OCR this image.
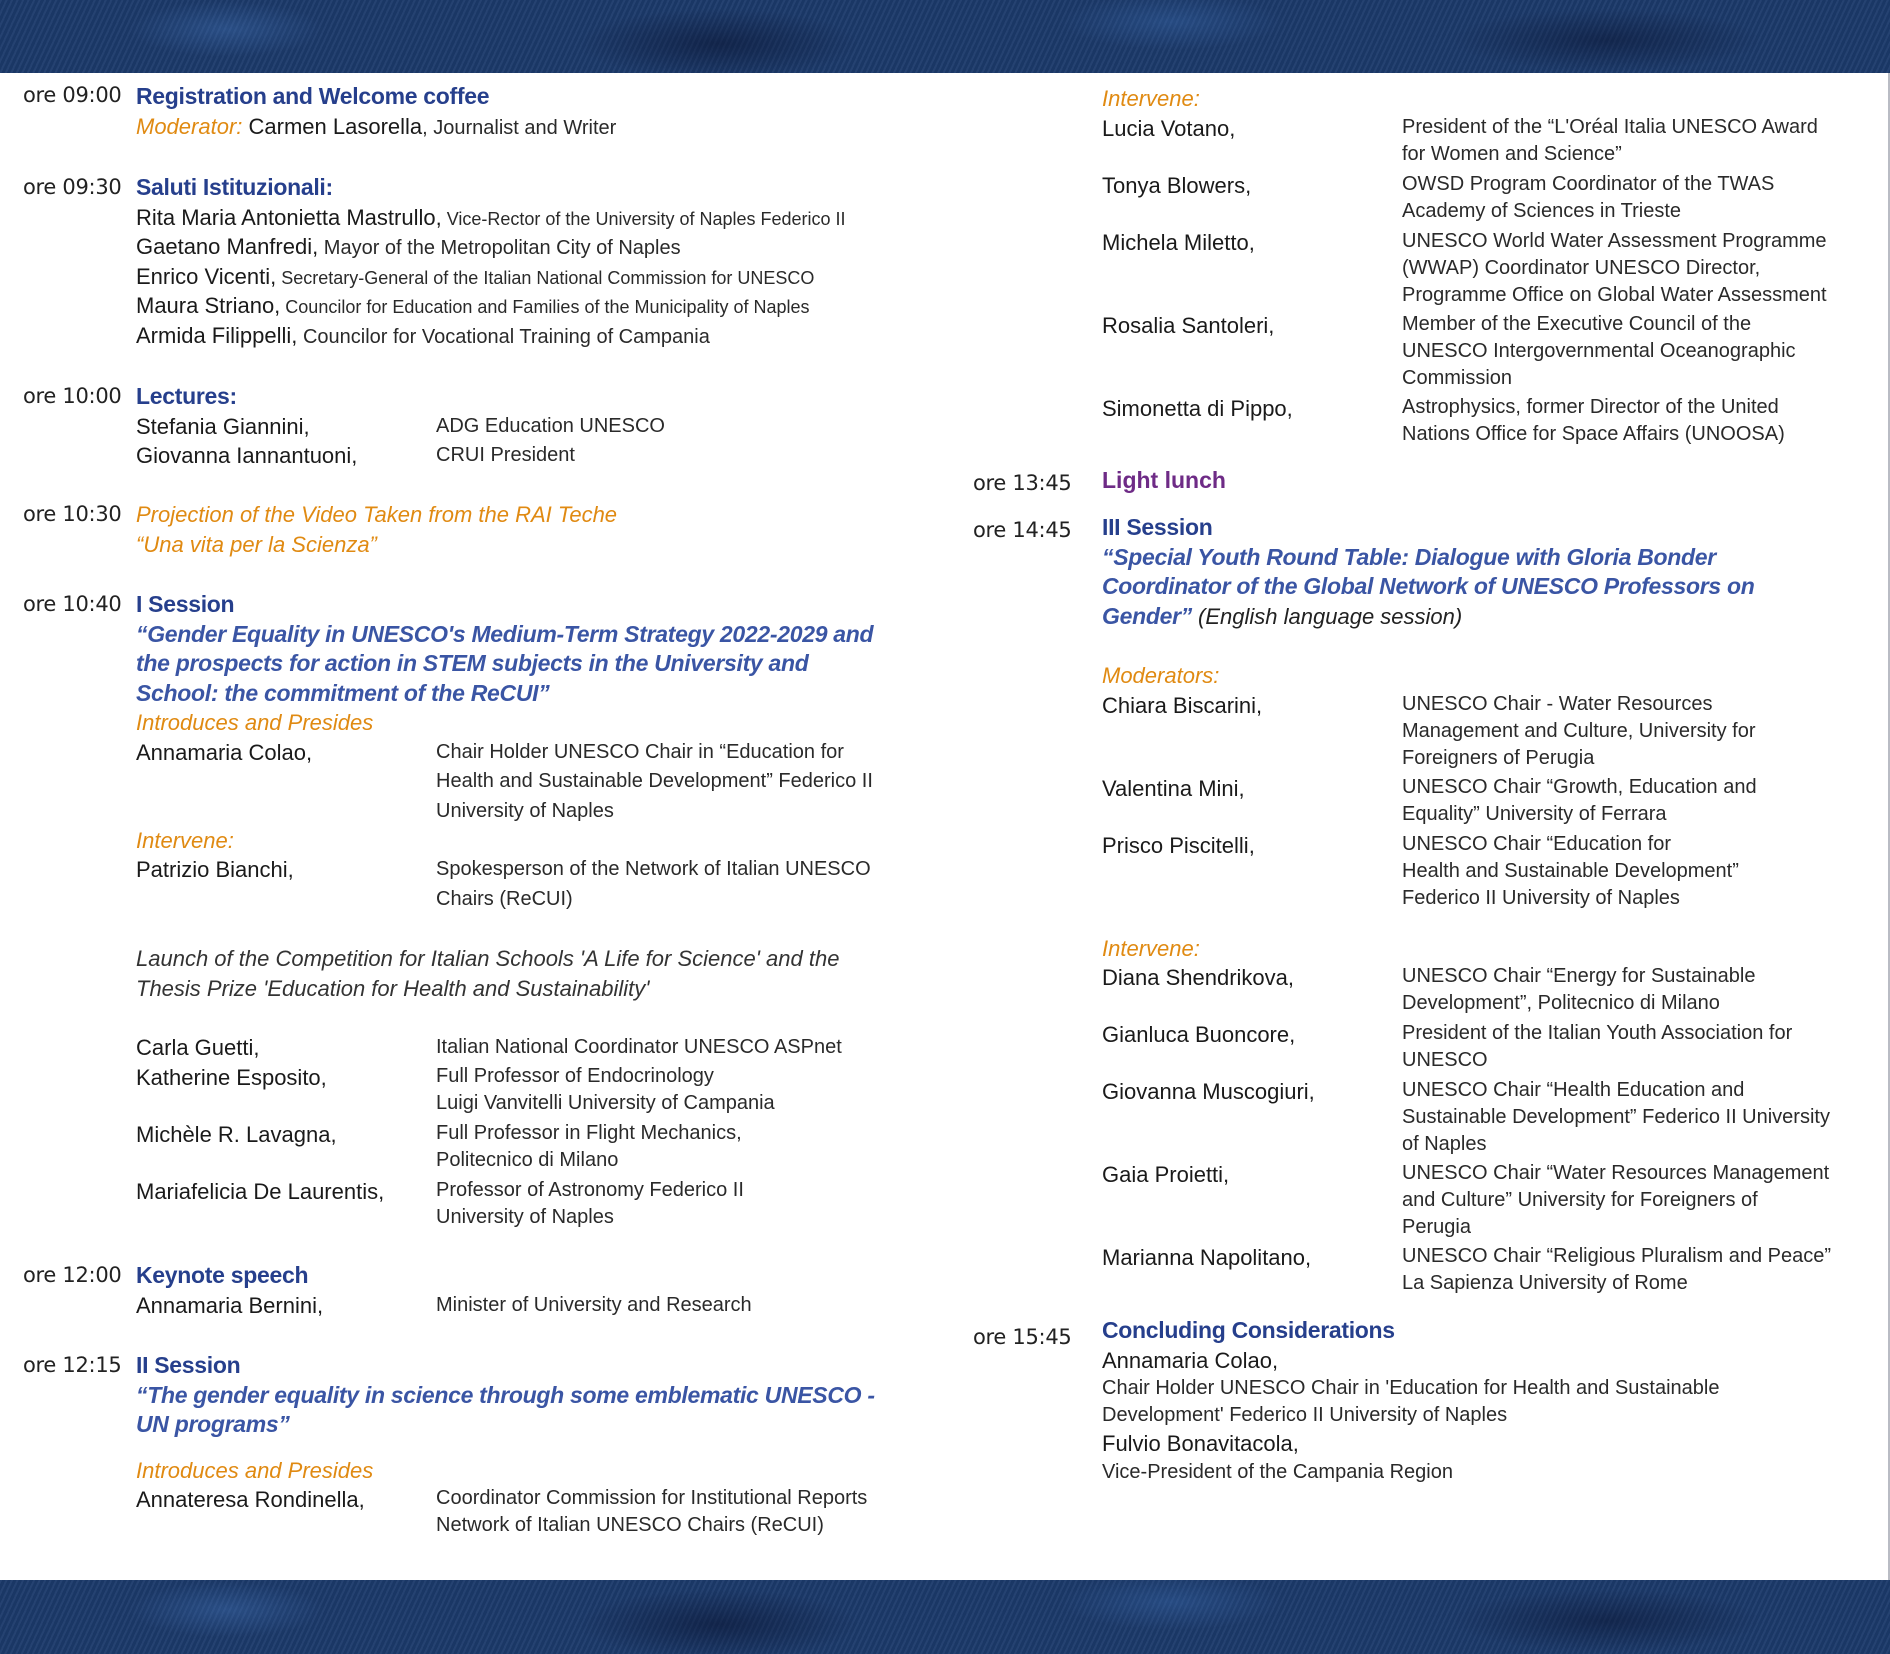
ore 09:00 Registration and Welcome coffee
Moderator: Carmen Lasorella, Journalist and Writer
ore 09:30 Saluti Istituzionali:
Rita Maria Antonietta Mastrullo, Vice-Rector of the University of Naples Federico II
Gaetano Manfredi, Mayor of the Metropolitan City of Naples
Enrico Vicenti, Secretary-General of the Italian National Commission for UNESCO
Maura Striano, Councilor for Education and Families of the Municipality of Naples
Armida Filippelli, Councilor for Vocational Training of Campania
ore 10:00 Lectures:
Stefania Giannini,	ADG Education UNESCO
Giovanna Iannantuoni,	CRUI President
ore 10:30 Projection of the Video Taken from the RAI Teche
“Una vita per la Scienza”
ore 10:40 I Session
“Gender Equality in UNESCO's Medium-Term Strategy 2022-2029 and
the prospects for action in STEM subjects in the University and
School: the commitment of the ReCUI”
Introduces and Presides
Annamaria Colao,	Chair Holder UNESCO Chair in “Education for
Health and Sustainable Development” Federico II
University of Naples
Intervene:
Patrizio Bianchi,	Spokesperson of the Network of Italian UNESCO
Chairs (ReCUI)
Launch of the Competition for Italian Schools 'A Life for Science' and the
Thesis Prize 'Education for Health and Sustainability'
Carla Guetti,	Italian National Coordinator UNESCO ASPnet
Katherine Esposito,	Full Professor of Endocrinology
Luigi Vanvitelli University of Campania
Michèle R. Lavagna,	Full Professor in Flight Mechanics,
Politecnico di Milano
Mariafelicia De Laurentis,	Professor of Astronomy Federico II
University of Naples
ore 12:00 Keynote speech
Annamaria Bernini,	Minister of University and Research
ore 12:15 II Session
“The gender equality in science through some emblematic UNESCO -
UN programs”
Introduces and Presides
Annateresa Rondinella,	Coordinator Commission for Institutional Reports
Network of Italian UNESCO Chairs (ReCUI)
Intervene:
Lucia Votano,	President of the “L'Oréal Italia UNESCO Award
for Women and Science”
Tonya Blowers,	OWSD Program Coordinator of the TWAS
Academy of Sciences in Trieste
Michela Miletto,	UNESCO World Water Assessment Programme
(WWAP) Coordinator UNESCO Director,
Programme Office on Global Water Assessment
Rosalia Santoleri,	Member of the Executive Council of the
UNESCO Intergovernmental Oceanographic
Commission
Simonetta di Pippo,	Astrophysics, former Director of the United
Nations Office for Space Affairs (UNOOSA)
ore 13:45 Light lunch
ore 14:45 III Session
“Special Youth Round Table: Dialogue with Gloria Bonder
Coordinator of the Global Network of UNESCO Professors on
Gender” (English language session)
Moderators:
Chiara Biscarini,	UNESCO Chair - Water Resources
Management and Culture, University for
Foreigners of Perugia
Valentina Mini,	UNESCO Chair “Growth, Education and
Equality” University of Ferrara
Prisco Piscitelli,	UNESCO Chair “Education for
Health and Sustainable Development”
Federico II University of Naples
Intervene:
Diana Shendrikova,	UNESCO Chair “Energy for Sustainable
Development”, Politecnico di Milano
Gianluca Buoncore,	President of the Italian Youth Association for
UNESCO
Giovanna Muscogiuri,	UNESCO Chair “Health Education and
Sustainable Development” Federico II University
of Naples
Gaia Proietti,	UNESCO Chair “Water Resources Management
and Culture” University for Foreigners of
Perugia
Marianna Napolitano,	UNESCO Chair “Religious Pluralism and Peace”
La Sapienza University of Rome
ore 15:45 Concluding Considerations
Annamaria Colao,
Chair Holder UNESCO Chair in 'Education for Health and Sustainable
Development' Federico II University of Naples
Fulvio Bonavitacola,
Vice-President of the Campania Region
